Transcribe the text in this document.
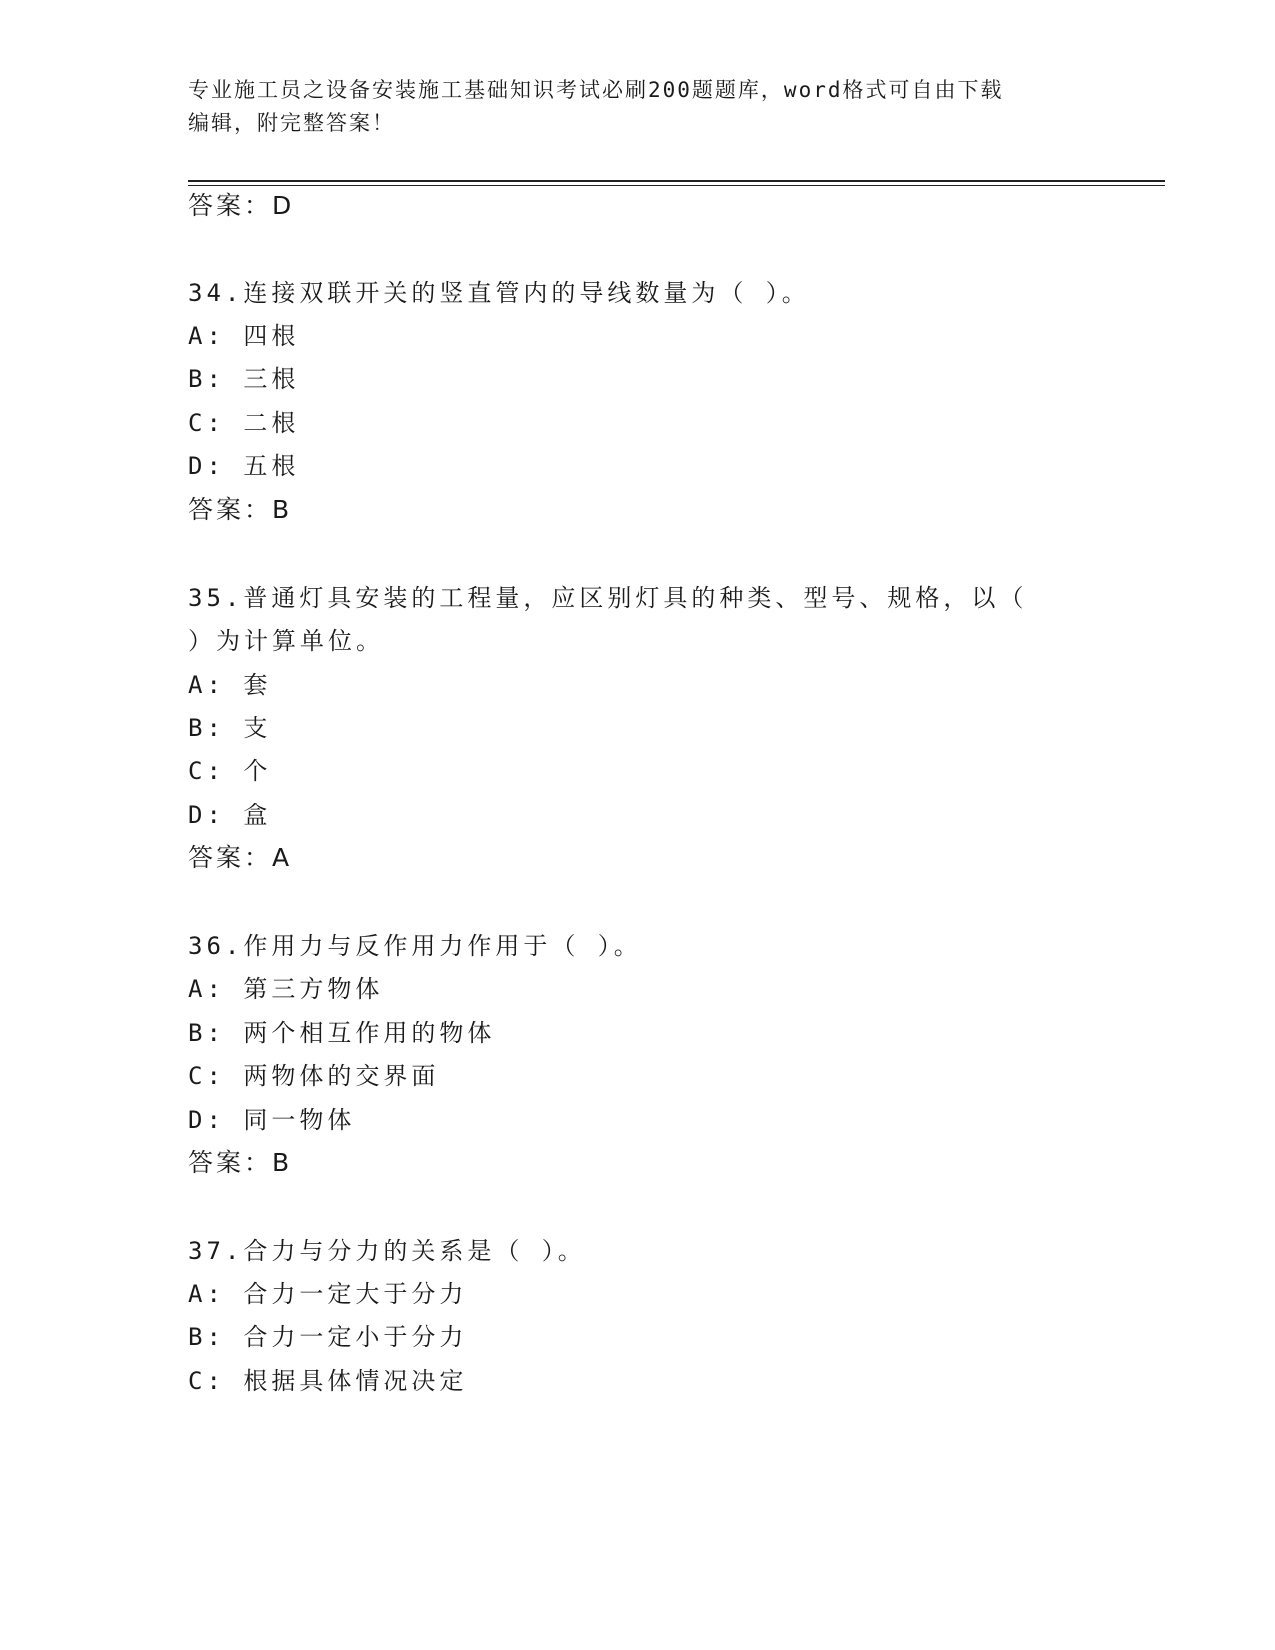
专业施工员之设备安装施工基础知识考试必刷200题题库，word格式可自由下载
编辑，附完整答案！
答案：D
34.连接双联开关的竖直管内的导线数量为（ ）。
A: 四根
B: 三根
C: 二根
D: 五根
答案：B
35.普通灯具安装的工程量，应区别灯具的种类、型号、规格，以（
）为计算单位。
A: 套
B: 支
C: 个
D: 盒
答案：A
36.作用力与反作用力作用于（ ）。
A: 第三方物体
B: 两个相互作用的物体
C: 两物体的交界面
D: 同一物体
答案：B
37.合力与分力的关系是（ ）。
A: 合力一定大于分力
B: 合力一定小于分力
C: 根据具体情况决定
